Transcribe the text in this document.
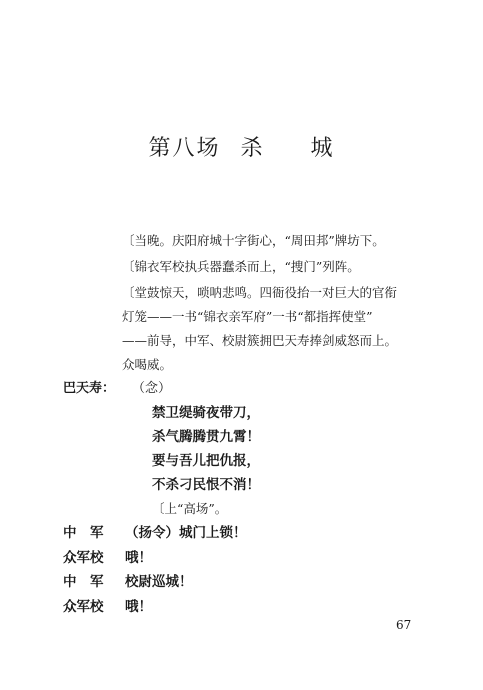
第八场 杀 城
〔当晚。庆阳府城十字街心，“周田邦”牌坊下。
〔锦衣军校执兵器蠢杀而上，“捜门”列阵。
〔堂鼓惊天，唢呐悲鸣。四衙役抬一对巨大的官衔
灯笼——一书“锦衣亲军府”一书“都指挥使堂”
——前导，中军、校尉簇拥巴天寿捧剑威怒而上。
众喝威。
巴天寿： （念）
禁卫缇骑夜带刀，
杀气腾腾贯九霄！
要与吾儿把仇报，
不杀刁民恨不消！
〔上“高场”。
中　军 （扬令）城门上锁！
众军校 哦！
中　军 校尉巡城！
众军校 哦！
67
